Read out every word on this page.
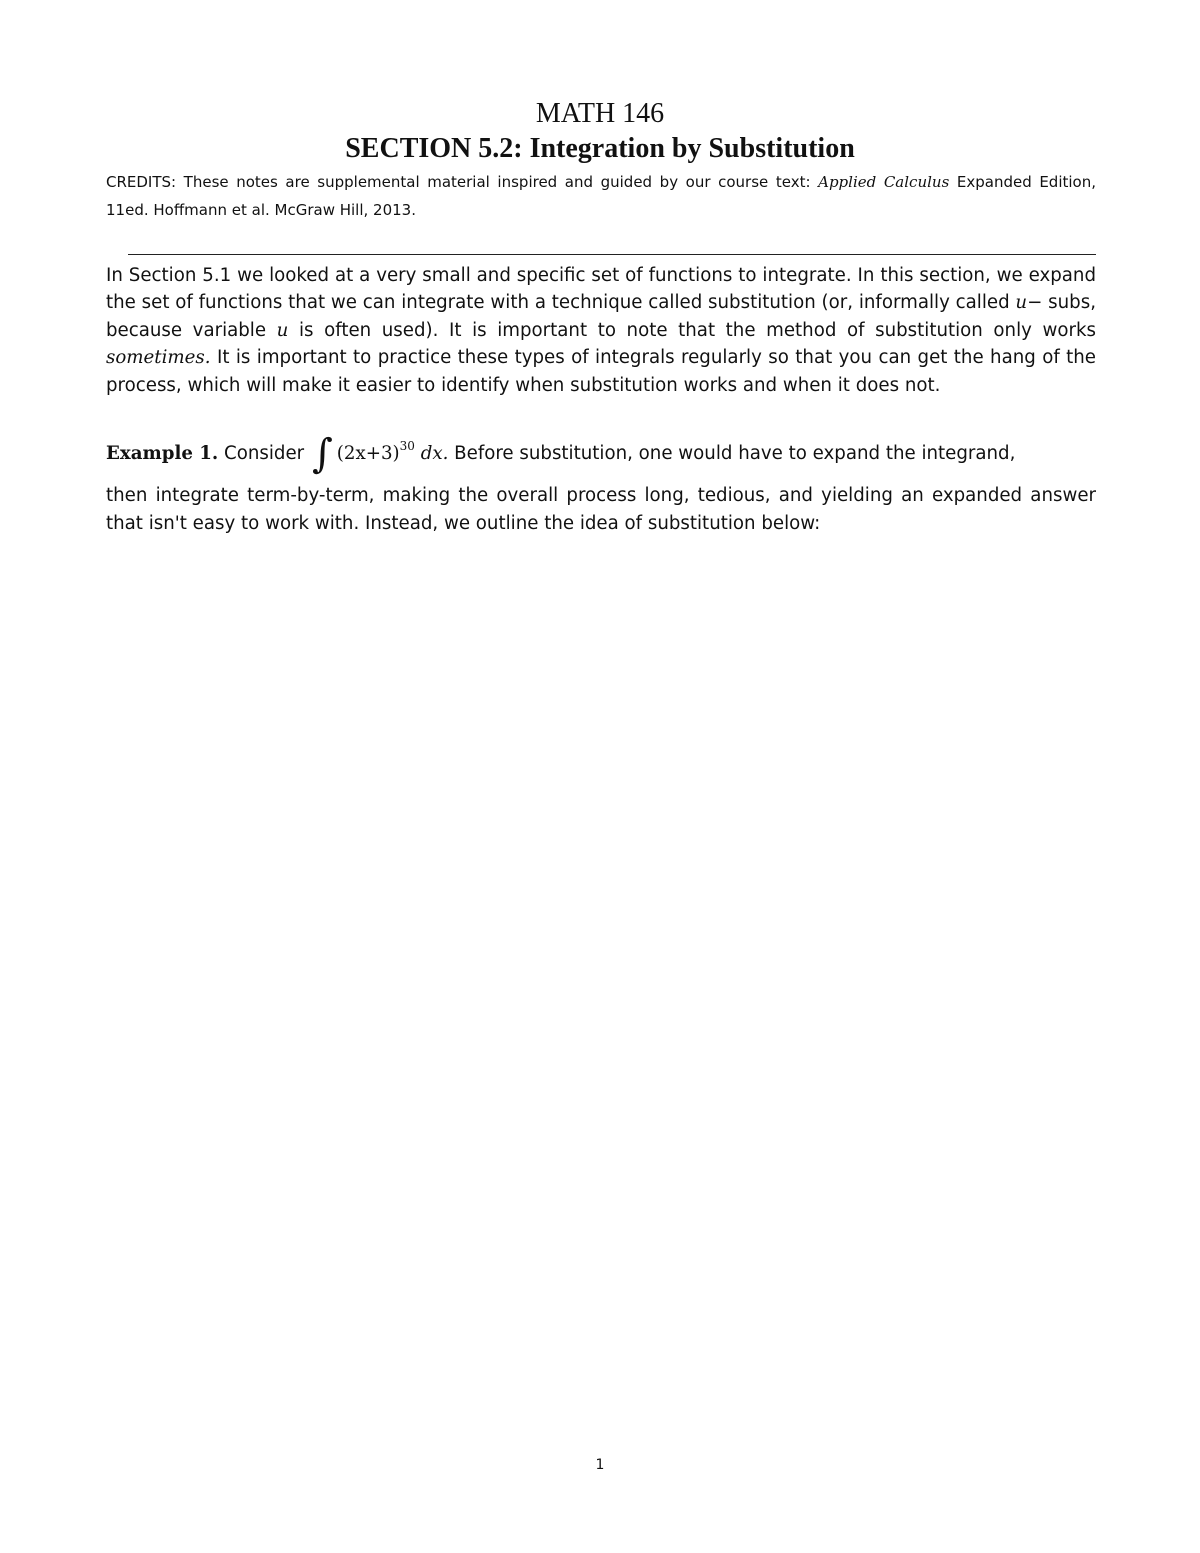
MATH 146
SECTION 5.2: Integration by Substitution
CREDITS: These notes are supplemental material inspired and guided by our course text: Applied Calculus Expanded Edition, 11ed. Hoffmann et al. McGraw Hill, 2013.

In Section 5.1 we looked at a very small and specific set of functions to integrate. In this section, we expand the set of functions that we can integrate with a technique called substitution (or, informally called u− subs, because variable u is often used). It is important to note that the method of substitution only works sometimes. It is important to practice these types of integrals regularly so that you can get the hang of the process, which will make it easier to identify when substitution works and when it does not.

Example 1. Consider ∫ $(2x+3)^{30}$ dx. Before substitution, one would have to expand the integrand,

then integrate term-by-term, making the overall process long, tedious, and yielding an expanded answer that isn't easy to work with. Instead, we outline the idea of substitution below:

1
